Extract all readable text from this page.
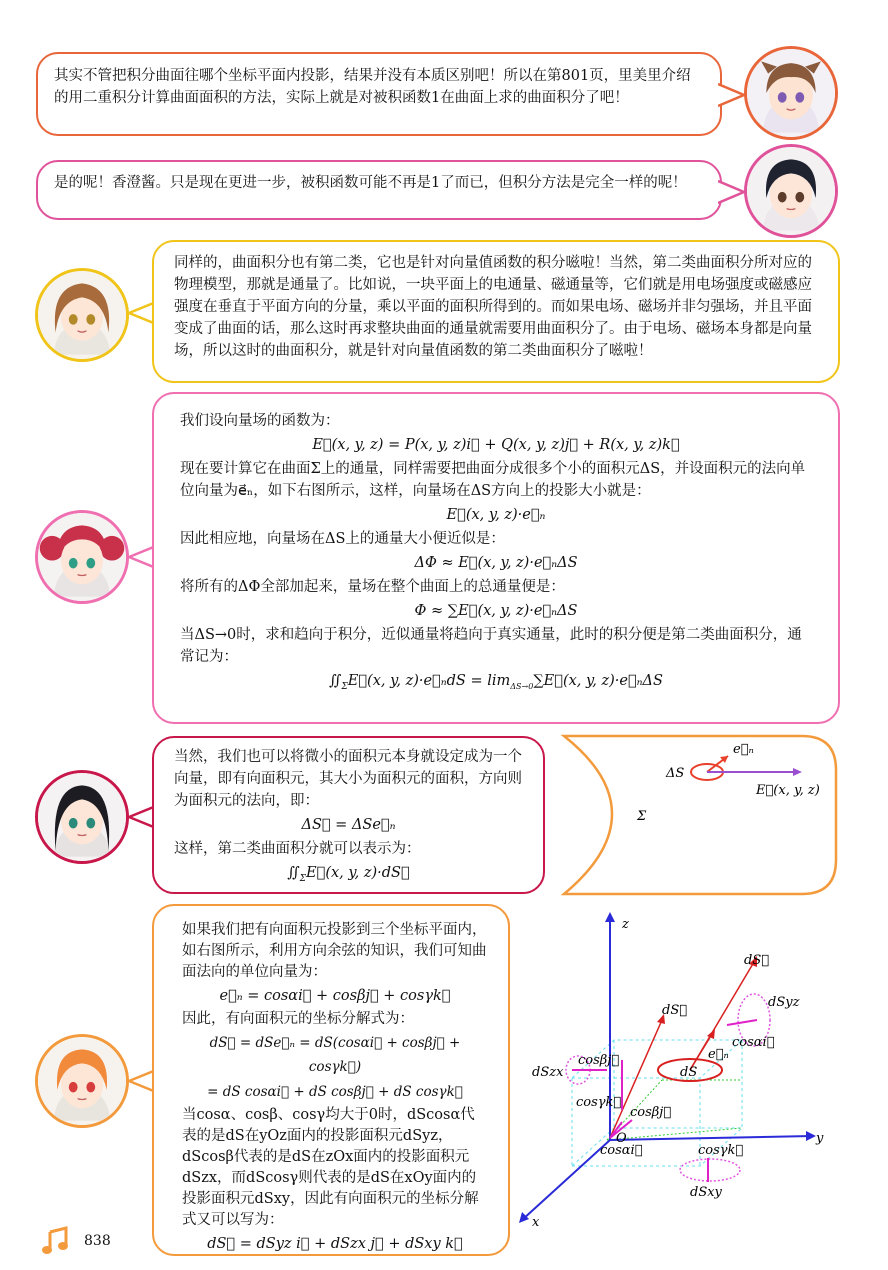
其实不管把积分曲面往哪个坐标平面内投影，结果并没有本质区别吧！所以在第801页，里美里介绍的用二重积分计算曲面面积的方法，实际上就是对被积函数1在曲面上求的曲面积分了吧！

是的呢！香澄酱。只是现在更进一步，被积函数可能不再是1了而已，但积分方法是完全一样的呢！

同样的，曲面积分也有第二类，它也是针对向量值函数的积分嗞啦！当然，第二类曲面积分所对应的物理模型，那就是通量了。比如说，一块平面上的电通量、磁通量等，它们就是用电场强度或磁感应强度在垂直于平面方向的分量，乘以平面的面积所得到的。而如果电场、磁场并非匀强场，并且平面变成了曲面的话，那么这时再求整块曲面的通量就需要用曲面积分了。由于电场、磁场本身都是向量场，所以这时的曲面积分，就是针对向量值函数的第二类曲面积分了嗞啦！

我们设向量场的函数为：

E⃗(x, y, z) = P(x, y, z)i⃗ + Q(x, y, z)j⃗ + R(x, y, z)k⃗

现在要计算它在曲面Σ上的通量，同样需要把曲面分成很多个小的面积元ΔS，并设面积元的法向单位向量为e⃗ₙ，如下右图所示，这样，向量场在ΔS方向上的投影大小就是：

E⃗(x, y, z)·e⃗ₙ

因此相应地，向量场在ΔS上的通量大小便近似是：

ΔΦ ≈ E⃗(x, y, z)·e⃗ₙΔS

将所有的ΔΦ全部加起来，量场在整个曲面上的总通量便是：

Φ ≈ ∑E⃗(x, y, z)·e⃗ₙΔS

当ΔS→0时，求和趋向于积分，近似通量将趋向于真实通量，此时的积分便是第二类曲面积分，通常记为：

$∬_\Sigma E⃗(x$, y, z)·e⃗ₙdS = $\lim_{\Delta S\to 0}\sum E⃗(x$, y, z)·e⃗ₙΔS

当然，我们也可以将微小的面积元本身就设定成为一个向量，即有向面积元，其大小为面积元的面积，方向则为面积元的法向，即：

ΔS⃗ = ΔSe⃗ₙ

这样，第二类曲面积分就可以表示为：

$∬_\Sigma E⃗(x$, y, z)·dS⃗
ΔS
e⃗ₙ
E⃗(x, y, z)
Σ

如果我们把有向面积元投影到三个坐标平面内，如右图所示，利用方向余弦的知识，我们可知曲面法向的单位向量为：

e⃗ₙ = cosαi⃗ + cosβj⃗ + cosγk⃗

因此，有向面积元的坐标分解式为：

dS⃗ = dSe⃗ₙ = dS(cosαi⃗ + cosβj⃗ + cosγk⃗)
= dS cosαi⃗ + dS cosβj⃗ + dS cosγk⃗

当cosα、cosβ、cosγ均大于0时，dScosα代表的是dS在yOz面内的投影面积元dSyz，dScosβ代表的是dS在zOx面内的投影面积元dSzx，而dScosγ则代表的是dS在xOy面内的投影面积元dSxy，因此有向面积元的坐标分解式又可以写为：

dS⃗ = dSyz i⃗ + dSzx j⃗ + dSxy k⃗
z
y
x
O
dS⃗
dS⃗
dS
e⃗ₙ
dSyz
dSzx
dSxy
cosαi⃗
cosαi⃗
cosβj⃗
cosβj⃗
cosγk⃗
cosγk⃗
838
